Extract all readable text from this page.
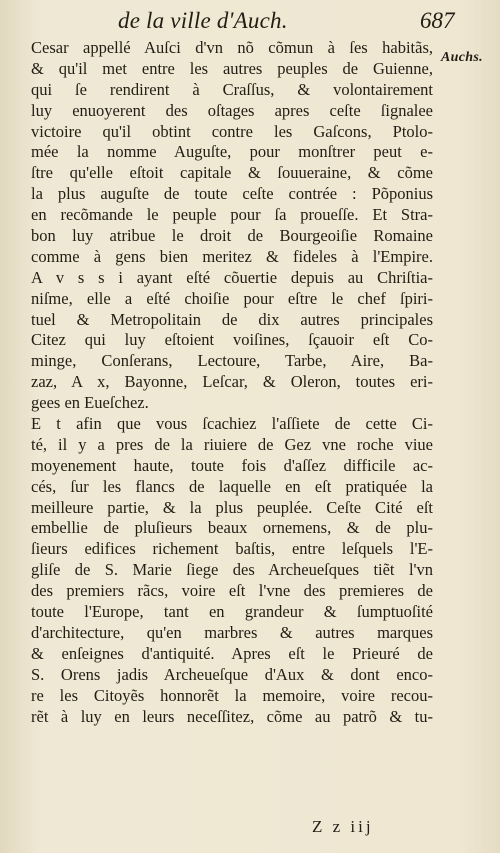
de la ville d'Auch.	687
Auchs.
Cesar appellé Auſci d'vn nõ cõmun à ſes habitãs,
& qu'il met entre les autres peuples de Guienne,
qui ſe rendirent à Craſſus, & volontairement
luy enuoyerent des oſtages apres ceſte ſignalee
victoire qu'il obtint contre les Gaſcons, Ptolo-
mée la nomme Auguſte, pour monſtrer peut e-
ſtre qu'elle eſtoit capitale & ſouueraine, & cõme
la plus auguſte de toute ceſte contrée : Põponius
en recõmande le peuple pour ſa proueſſe. Et Stra-
bon luy atribue le droit de Bourgeoiſie Romaine
comme à gens bien meritez & fideles à l'Empire.
A v s s i ayant eſté cõuertie depuis au Chriſtia-
niſme, elle a eſté choiſie pour eſtre le chef ſpiri-
tuel & Metropolitain de dix autres principales
Citez qui luy eſtoient voiſines, ſçauoir eſt Co-
minge, Conſerans, Lectoure, Tarbe, Aire, Ba-
zaz, A x, Bayonne, Leſcar, & Oleron, toutes eri-
gees en Eueſchez.
E t afin que vous ſcachiez l'aſſiete de cette Ci-
té, il y a pres de la riuiere de Gez vne roche viue
moyenement haute, toute fois d'aſſez difficile ac-
cés, ſur les flancs de laquelle en eſt pratiquée la
meilleure partie, & la plus peuplée. Ceſte Cité eſt
embellie de pluſieurs beaux ornemens, & de plu-
ſieurs edifices richement baſtis, entre leſquels l'E-
gliſe de S. Marie ſiege des Archeueſques tiẽt l'vn
des premiers rãcs, voire eſt l'vne des premieres de
toute l'Europe, tant en grandeur & ſumptuoſité
d'architecture, qu'en marbres & autres marques
& enſeignes d'antiquité. Apres eſt le Prieuré de
S. Orens jadis Archeueſque d'Aux & dont enco-
re les Citoyẽs honnorẽt la memoire, voire recou-
rẽt à luy en leurs neceſſitez, cõme au patrõ & tu-
Z z iij
